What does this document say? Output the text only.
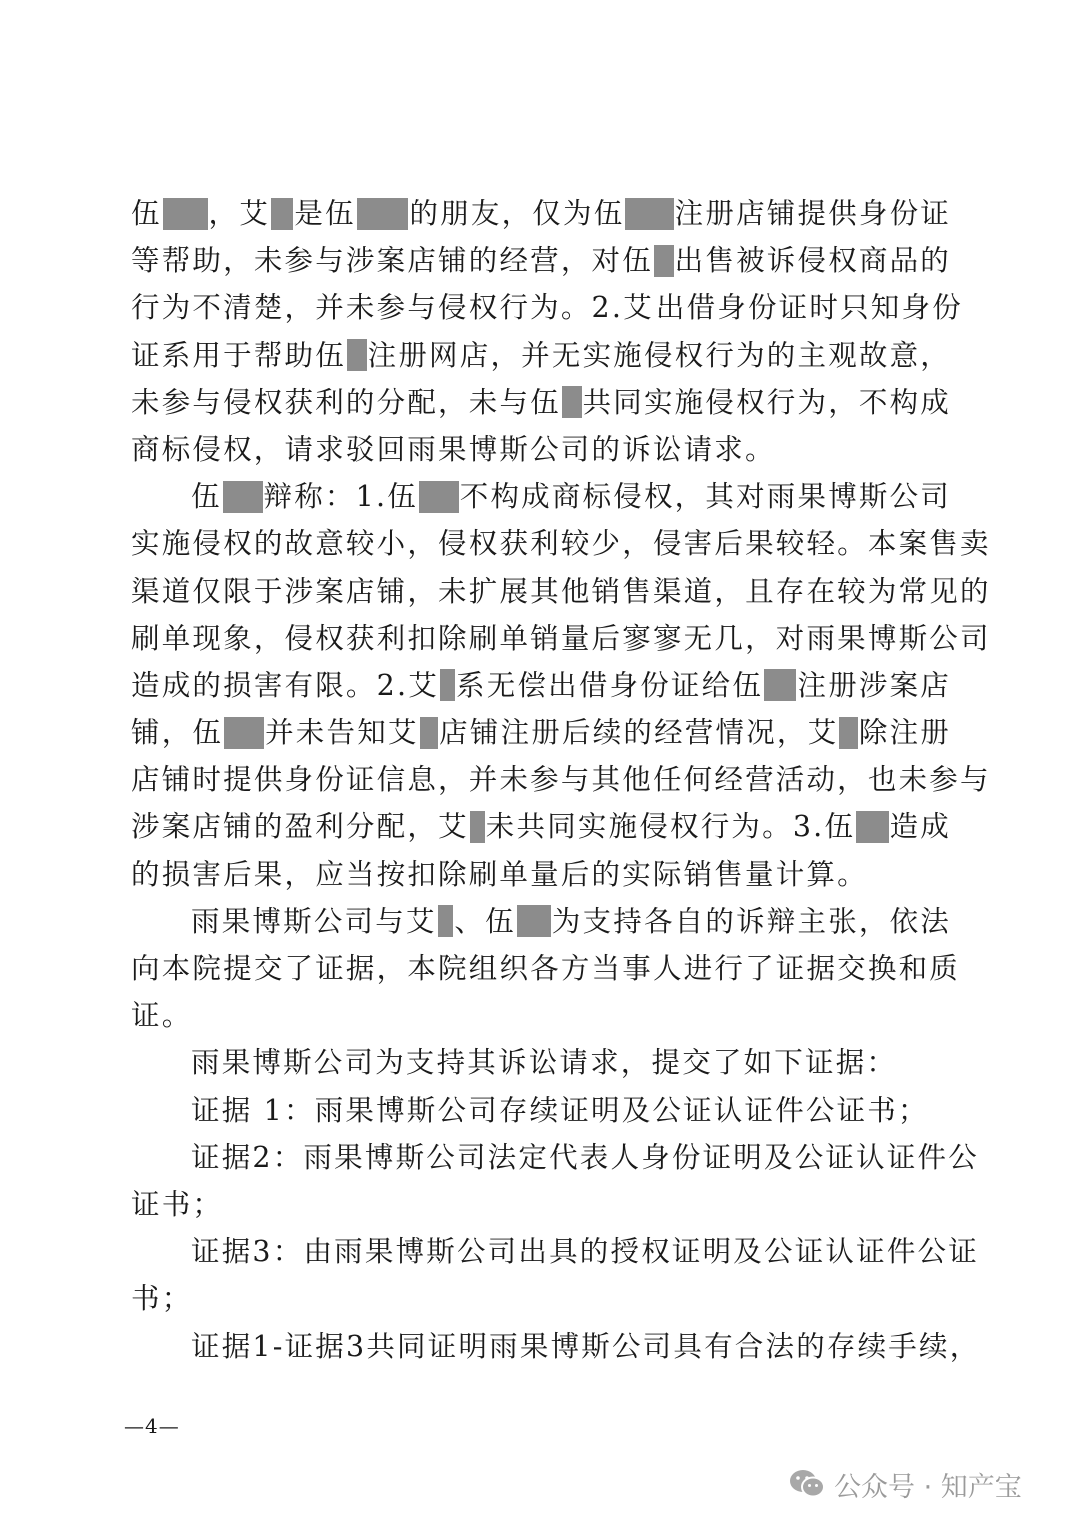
伍 ， 艾 是 伍 的 朋 友 ， 仅 为 伍 注 册 店 铺 提 供 身 份 证
等 帮 助 ， 未 参 与 涉 案 店 铺 的 经 营 ， 对 伍 出 售 被 诉 侵 权 商 品 的
行 为 不 清 楚 ， 并 未 参 与 侵 权 行 为 。 2 . 艾 出 借 身 份 证 时 只 知 身 份
证 系 用 于 帮 助 伍 注 册 网 店 ， 并 无 实 施 侵 权 行 为 的 主 观 故 意 ，
未 参 与 侵 权 获 利 的 分 配 ， 未 与 伍 共 同 实 施 侵 权 行 为 ， 不 构 成
商标侵权，请求驳回雨果博斯公司的诉讼请求。
伍 辩 称 ： 1 . 伍 不 构 成 商 标 侵 权 ， 其 对 雨 果 博 斯 公 司
实 施 侵 权 的 故 意 较 小 ， 侵 权 获 利 较 少 ， 侵 害 后 果 较 轻 。 本 案 售 卖
渠 道 仅 限 于 涉 案 店 铺 ， 未 扩 展 其 他 销 售 渠 道 ， 且 存 在 较 为 常 见 的
刷 单 现 象 ， 侵 权 获 利 扣 除 刷 单 销 量 后 寥 寥 无 几 ， 对 雨 果 博 斯 公 司
造 成 的 损 害 有 限 。 2 . 艾 系 无 偿 出 借 身 份 证 给 伍 注 册 涉 案 店
铺 ， 伍 并 未 告 知 艾 店 铺 注 册 后 续 的 经 营 情 况 ， 艾 除 注 册
店 铺 时 提 供 身 份 证 信 息 ， 并 未 参 与 其 他 任 何 经 营 活 动 ， 也 未 参 与
涉 案 店 铺 的 盈 利 分 配 ， 艾 未 共 同 实 施 侵 权 行 为 。 3 . 伍 造 成
的损害后果，应当按扣除刷单量后的实际销售量计算。
雨 果 博 斯 公 司 与 艾 、 伍 为 支 持 各 自 的 诉 辩 主 张 ， 依 法
向 本 院 提 交 了 证 据 ， 本 院 组 织 各 方 当 事 人 进 行 了 证 据 交 换 和 质
证。
雨果博斯公司为支持其诉讼请求，提交了如下证据：
证据 1：雨果博斯公司存续证明及公证认证件公证书；
证 据 2 ： 雨 果 博 斯 公 司 法 定 代 表 人 身 份 证 明 及 公 证 认 证 件 公
证书；
证 据 3 ： 由 雨 果 博 斯 公 司 出 具 的 授 权 证 明 及 公 证 认 证 件 公 证
书；
证 据 1 - 证 据 3 共 同 证 明 雨 果 博 斯 公 司 具 有 合 法 的 存 续 手 续 ，
—4—
公众号 · 知产宝
